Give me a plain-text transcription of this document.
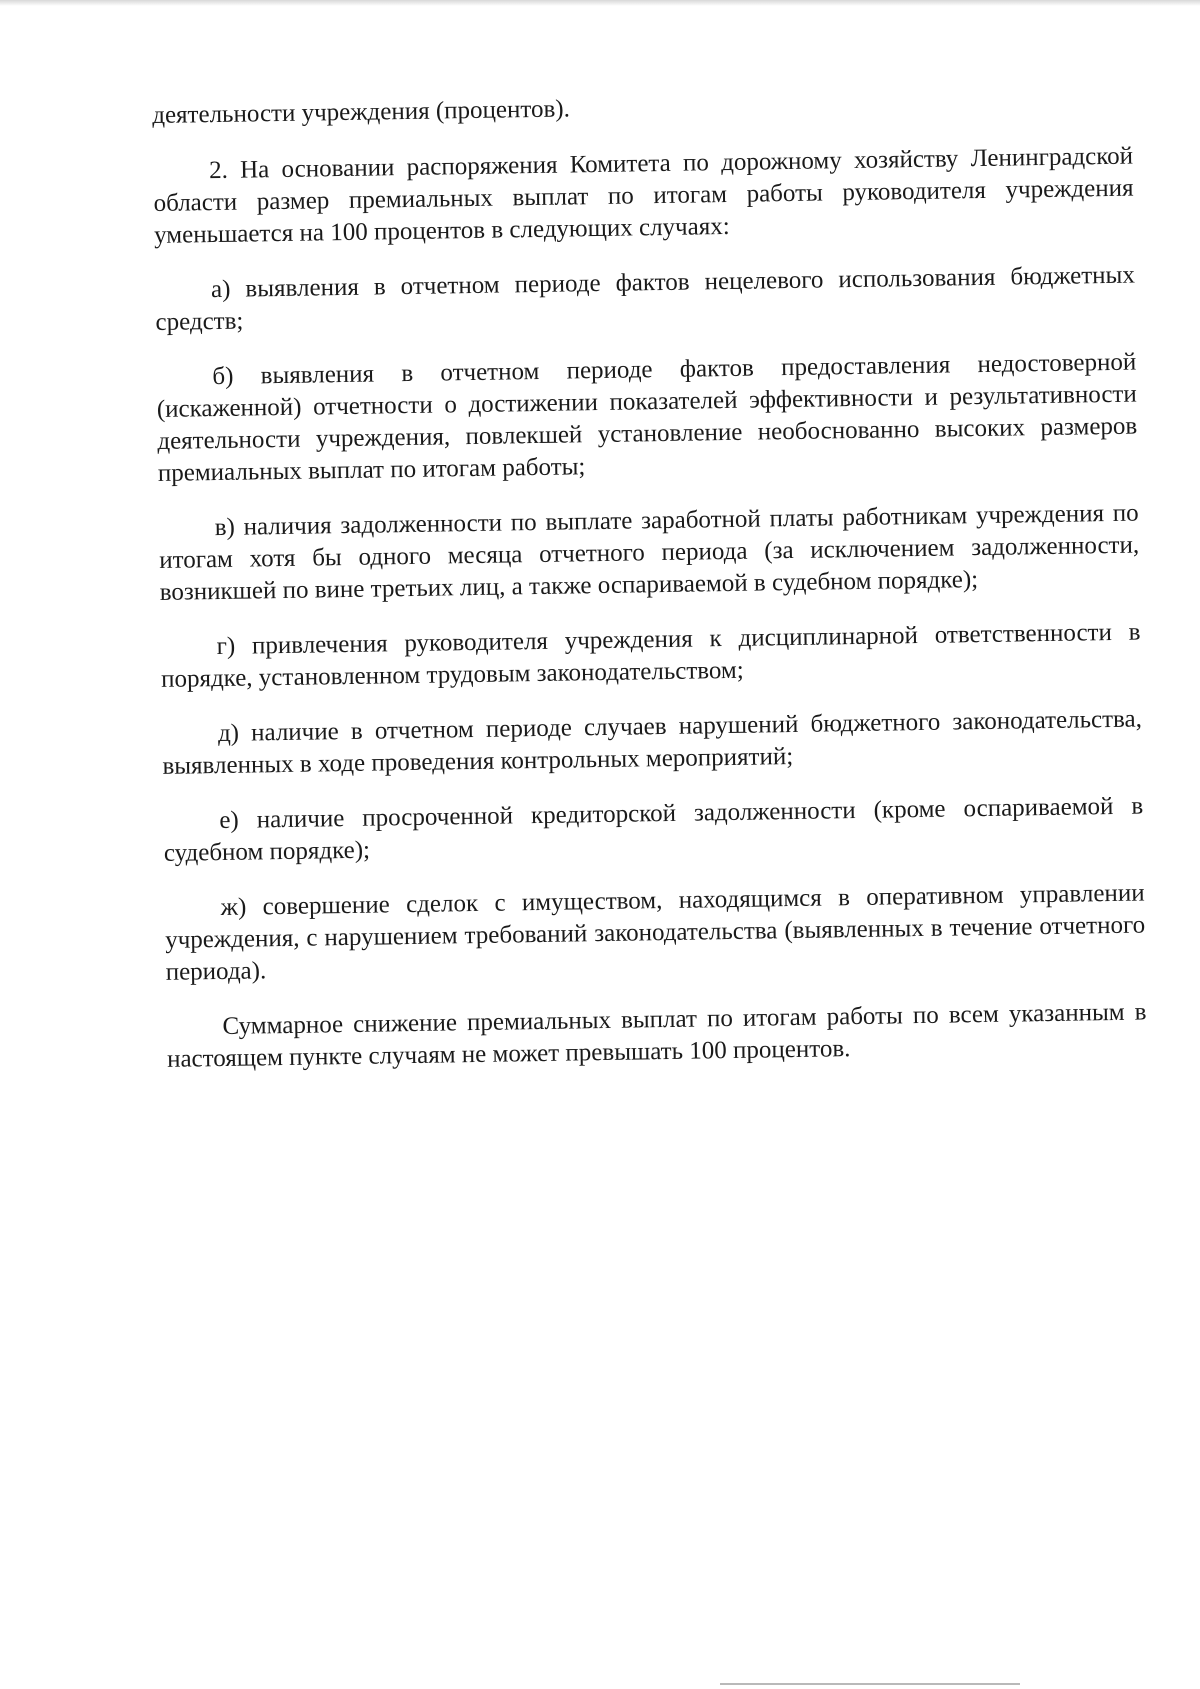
деятельности учреждения (процентов).

2. На основании распоряжения Комитета по дорожному хозяйству Ленинградской области размер премиальных выплат по итогам работы руководителя учреждения уменьшается на 100 процентов в следующих случаях:

а) выявления в отчетном периоде фактов нецелевого использования бюджетных средств;

б) выявления в отчетном периоде фактов предоставления недостоверной (искаженной) отчетности о достижении показателей эффективности и результативности деятельности учреждения, повлекшей установление необоснованно высоких размеров премиальных выплат по итогам работы;

в) наличия задолженности по выплате заработной платы работникам учреждения по итогам хотя бы одного месяца отчетного периода (за исключением задолженности, возникшей по вине третьих лиц, а также оспариваемой в судебном порядке);

г) привлечения руководителя учреждения к дисциплинарной ответственности в порядке, установленном трудовым законодательством;

д) наличие в отчетном периоде случаев нарушений бюджетного законодательства, выявленных в ходе проведения контрольных мероприятий;

е) наличие просроченной кредиторской задолженности (кроме оспариваемой в судебном порядке);

ж) совершение сделок с имуществом, находящимся в оперативном управлении учреждения, с нарушением требований законодательства (выявленных в течение отчетного периода).

Суммарное снижение премиальных выплат по итогам работы по всем указанным в настоящем пункте случаям не может превышать 100 процентов.
